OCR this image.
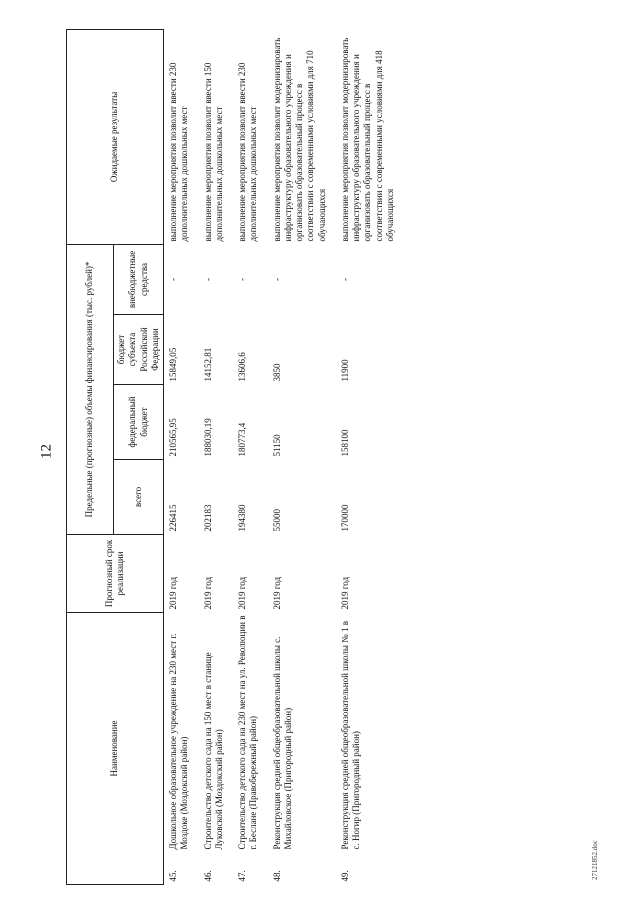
12
Наименование		Прогнозный срок реализации	Предельные (прогнозные) объемы финансирования (тыс. рублей)*				Ожидаемые результаты
			всего	федеральный бюджет	бюджет субъекта Российской Федерации	внебюджетные средства	
45.	Дошкольное образовательное учреждение на 230 мест г. Моздоке (Моздокский район)	2019 год	226415	210565,95	15849,05	-	выполнение мероприятия позволит ввести 230 дополнительных дошкольных мест
46.	Строительство детского сада на 150 мест в станице Луковской (Моздокский район)	2019 год	202183	188030,19	14152,81	-	выполнение мероприятия позволит ввести 150 дополнительных дошкольных мест
47.	Строительство детского сада на 230 мест на ул. Революции в г. Беслане (Правобережный район)	2019 год	194380	180773,4	13606,6	-	выполнение мероприятия позволит ввести 230 дополнительных дошкольных мест
48.	Реконструкция средней общеобразовательной школы с. Михайловское (Пригородный район)	2019 год	55000	51150	3850	-	выполнение мероприятия позволит модернизировать инфраструктуру образовательного учреждения и организовать образовательный процесс в соответствии с современными условиями для 710 обучающихся
49.	Реконструкция средней общеобразовательной школы № 1 в с. Ногир (Пригородный район)	2019 год	170000	158100	11900	-	выполнение мероприятия позволит модернизировать инфраструктуру образовательного учреждения и организовать образовательный процесс в соответствии с современными условиями для 418 обучающихся
27121852.doc
